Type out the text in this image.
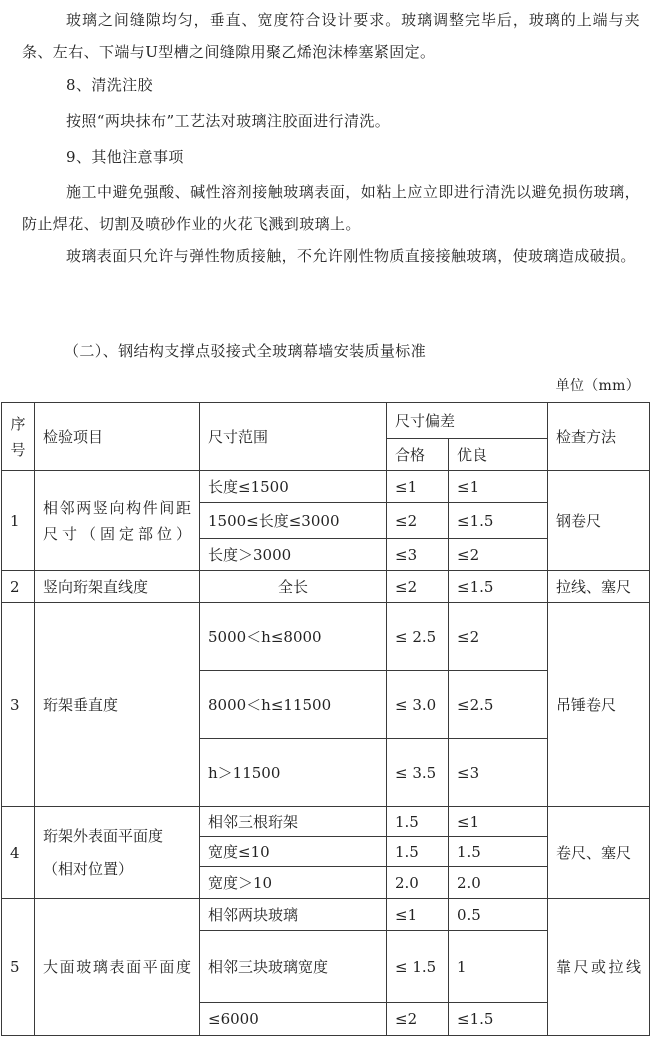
玻璃之间缝隙均匀，垂直、宽度符合设计要求。玻璃调整完毕后，玻璃的上端与夹条、左右、下端与U型槽之间缝隙用聚乙烯泡沫棒塞紧固定。

8、清洗注胶

按照“两块抹布”工艺法对玻璃注胶面进行清洗。

9、其他注意事项

施工中避免强酸、碱性溶剂接触玻璃表面，如粘上应立即进行清洗以避免损伤玻璃，防止焊花、切割及喷砂作业的火花飞溅到玻璃上。

玻璃表面只允许与弹性物质接触，不允许刚性物质直接接触玻璃，使玻璃造成破损。

（二）、钢结构支撑点驳接式全玻璃幕墙安装质量标准
单位（mm）
序号	检验项目	尺寸范围	尺寸偏差		检查方法
			合格	优良	
1	相邻两竖向构件间距尺寸（固定部位）	长度≤1500	≤1	≤1	钢卷尺
		1500≤长度≤3000	≤2	≤1.5	
		长度＞3000	≤3	≤2	
2	竖向珩架直线度	全长	≤2	≤1.5	拉线、塞尺
3	珩架垂直度	5000＜h≤8000	≤ 2.5	≤2	吊锤卷尺
		8000＜h≤11500	≤ 3.0	≤2.5	
		h＞11500	≤ 3.5	≤3	
4	珩架外表面平面度（相对位置）	相邻三根珩架	1.5	≤1	卷尺、塞尺
		宽度≤10	1.5	1.5	
		宽度＞10	2.0	2.0	
5	大面玻璃表面平面度	相邻两块玻璃	≤1	0.5	靠尺或拉线
		相邻三块玻璃宽度	≤ 1.5	1	
		≤6000	≤2	≤1.5	
